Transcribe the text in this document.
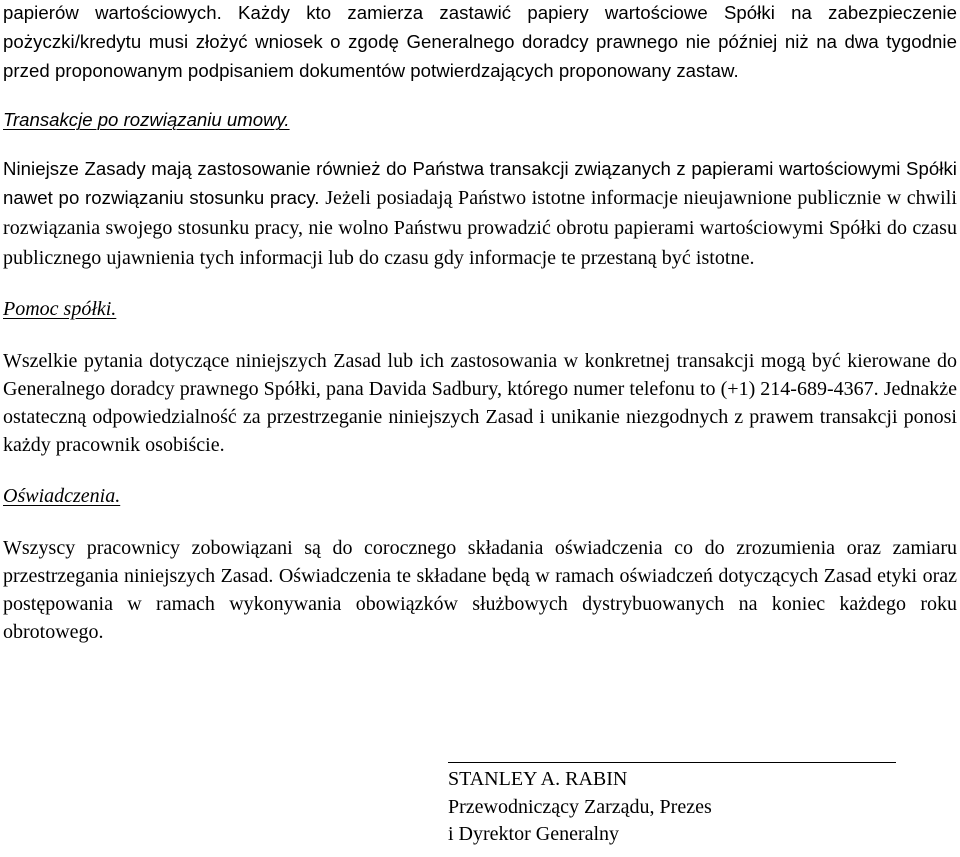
papierów wartościowych. Każdy kto zamierza zastawić papiery wartościowe Spółki na zabezpieczenie pożyczki/kredytu musi złożyć wniosek o zgodę Generalnego doradcy prawnego nie później niż na dwa tygodnie przed proponowanym podpisaniem dokumentów potwierdzających proponowany zastaw.

Transakcje po rozwiązaniu umowy.

Niniejsze Zasady mają zastosowanie również do Państwa transakcji związanych z papierami wartościowymi Spółki nawet po rozwiązaniu stosunku pracy. Jeżeli posiadają Państwo istotne informacje nieujawnione publicznie w chwili rozwiązania swojego stosunku pracy, nie wolno Państwu prowadzić obrotu papierami wartościowymi Spółki do czasu publicznego ujawnienia tych informacji lub do czasu gdy informacje te przestaną być istotne.

Pomoc spółki.

Wszelkie pytania dotyczące niniejszych Zasad lub ich zastosowania w konkretnej transakcji mogą być kierowane do Generalnego doradcy prawnego Spółki, pana Davida Sadbury, którego numer telefonu to (+1) 214-689-4367. Jednakże ostateczną odpowiedzialność za przestrzeganie niniejszych Zasad i unikanie niezgodnych z prawem transakcji ponosi każdy pracownik osobiście.

Oświadczenia.

Wszyscy pracownicy zobowiązani są do corocznego składania oświadczenia co do zrozumienia oraz zamiaru przestrzegania niniejszych Zasad. Oświadczenia te składane będą w ramach oświadczeń dotyczących Zasad etyki oraz postępowania w ramach wykonywania obowiązków służbowych dystrybuowanych na koniec każdego roku obrotowego.

STANLEY A. RABIN

Przewodniczący Zarządu, Prezes

i Dyrektor Generalny
